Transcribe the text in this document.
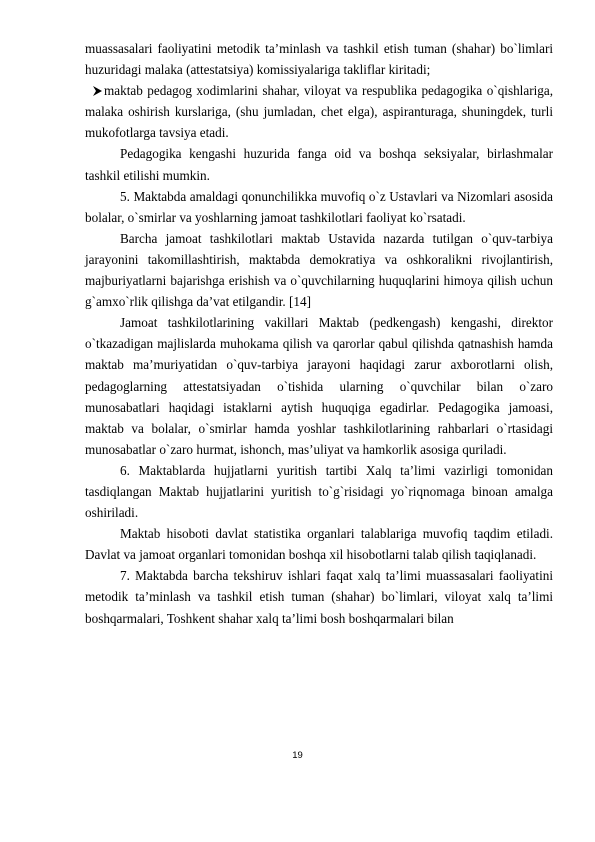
muassasalari faoliyatini metodik ta’minlash va tashkil etish tuman (shahar) bo`limlari huzuridagi malaka (attestatsiya) komissiyalariga takliflar kiritadi;

maktab pedagog xodimlarini shahar, viloyat va respublika pedagogika o`qishlariga, malaka oshirish kurslariga, (shu jumladan, chet elga), aspiranturaga, shuningdek, turli mukofotlarga tavsiya etadi.

Pedagogika kengashi huzurida fanga oid va boshqa seksiyalar, birlashmalar tashkil etilishi mumkin.

5. Maktabda amaldagi qonunchilikka muvofiq o`z Ustavlari va Nizomlari asosida bolalar, o`smirlar va yoshlarning jamoat tashkilotlari faoliyat ko`rsatadi.

Barcha jamoat tashkilotlari maktab Ustavida nazarda tutilgan o`quv-tarbiya jarayonini takomillashtirish, maktabda demokratiya va oshkoralikni rivojlantirish, majburiyatlarni bajarishga erishish va o`quvchilarning huquqlarini himoya qilish uchun g`amxo`rlik qilishga da’vat etilgandir. [14]

Jamoat tashkilotlarining vakillari Maktab (pedkengash) kengashi, direktor o`tkazadigan majlislarda muhokama qilish va qarorlar qabul qilishda qatnashish hamda maktab ma’muriyatidan o`quv-tarbiya jarayoni haqidagi zarur axborotlarni olish, pedagoglarning attestatsiyadan o`tishida ularning o`quvchilar bilan o`zaro munosabatlari haqidagi istaklarni aytish huquqiga egadirlar. Pedagogika jamoasi, maktab va bolalar, o`smirlar hamda yoshlar tashkilotlarining rahbarlari o`rtasidagi munosabatlar o`zaro hurmat, ishonch, mas’uliyat va hamkorlik asosiga quriladi.

6. Maktablarda hujjatlarni yuritish tartibi Xalq ta’limi vazirligi tomonidan tasdiqlangan Maktab hujjatlarini yuritish to`g`risidagi yo`riqnomaga binoan amalga oshiriladi.

Maktab hisoboti davlat statistika organlari talablariga muvofiq taqdim etiladi. Davlat va jamoat organlari tomonidan boshqa xil hisobotlarni talab qilish taqiqlanadi.

7. Maktabda barcha tekshiruv ishlari faqat xalq ta’limi muassasalari faoliyatini metodik ta’minlash va tashkil etish tuman (shahar) bo`limlari, viloyat xalq ta’limi boshqarmalari, Toshkent shahar xalq ta’limi bosh boshqarmalari bilan

19
